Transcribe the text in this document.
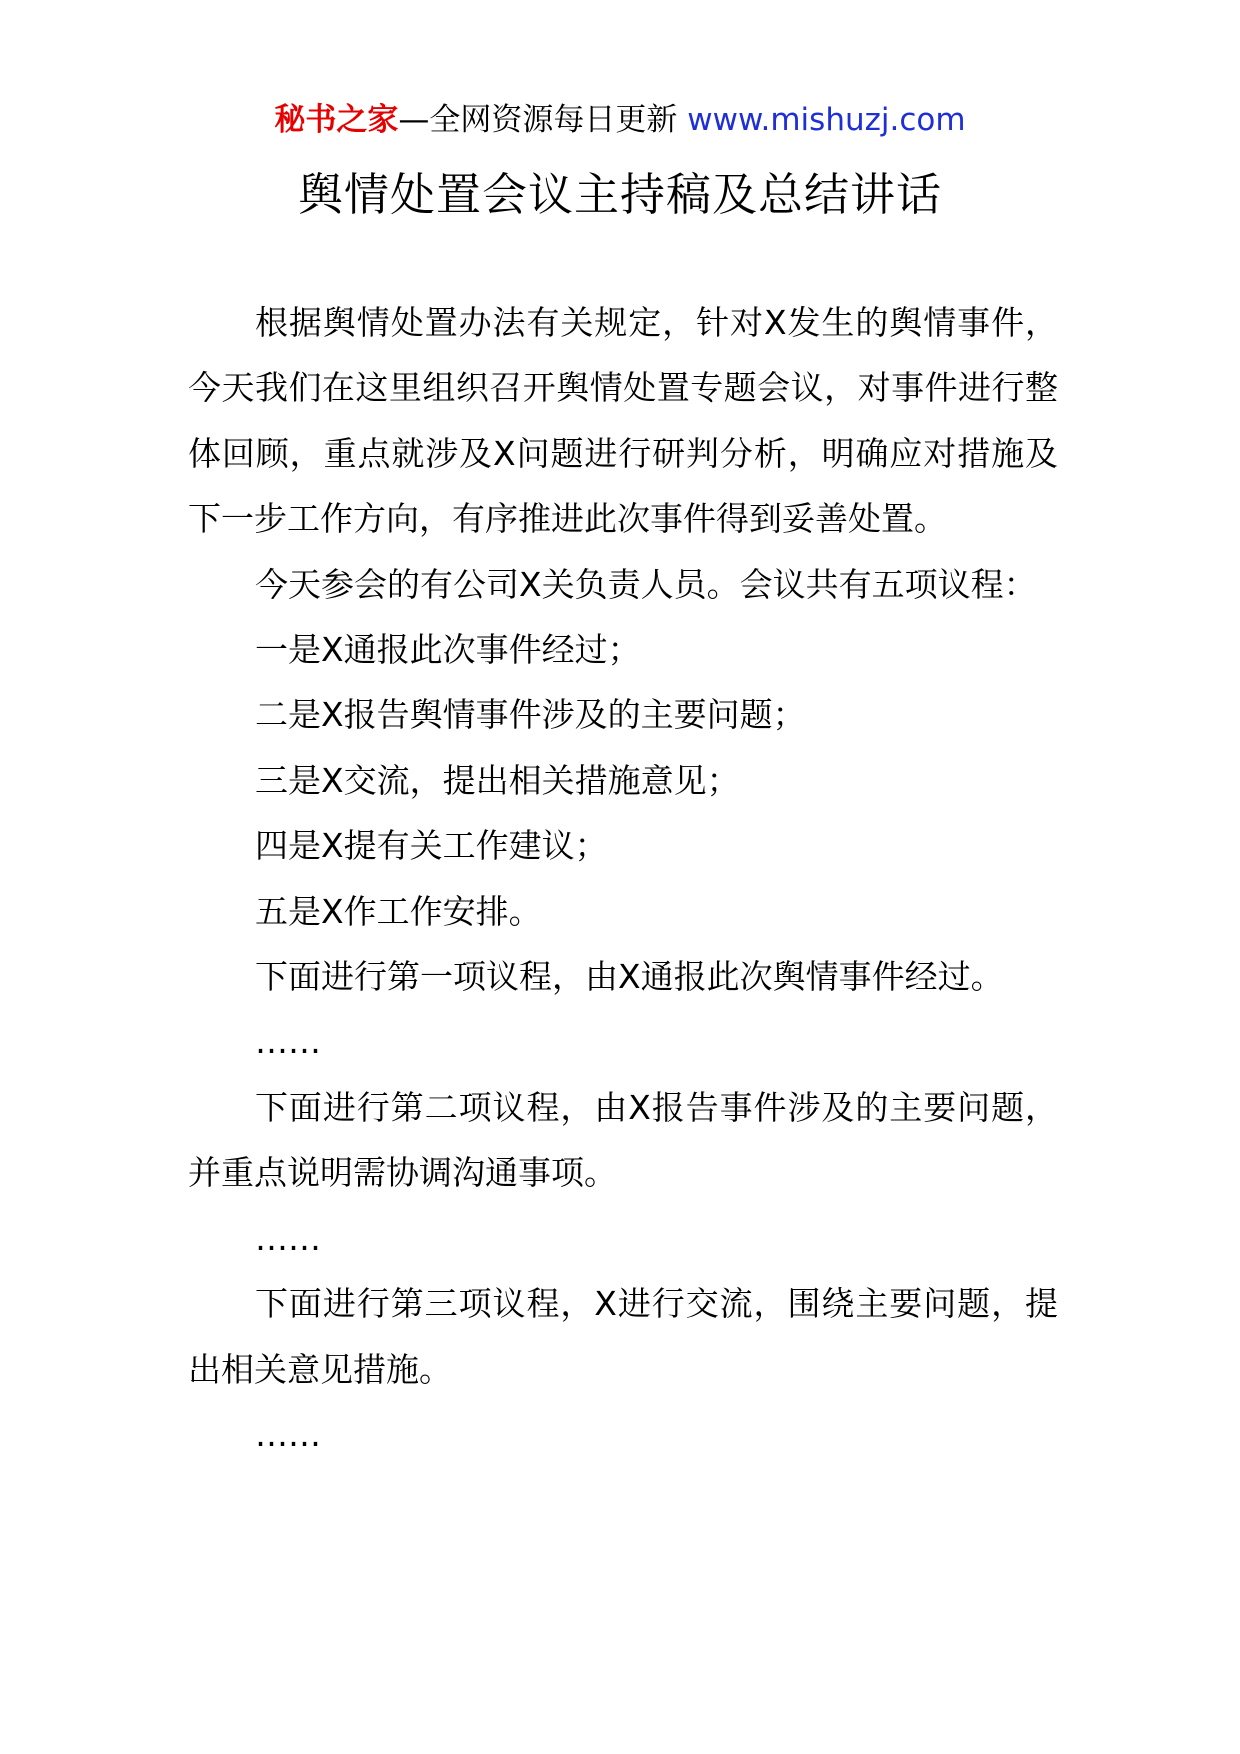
秘书之家—全网资源每日更新 www.mishuzj.com
舆情处置会议主持稿及总结讲话

根据舆情处置办法有关规定，针对X发生的舆情事件，今天我们在这里组织召开舆情处置专题会议，对事件进行整体回顾，重点就涉及X问题进行研判分析，明确应对措施及下一步工作方向，有序推进此次事件得到妥善处置。

今天参会的有公司X关负责人员。会议共有五项议程：

一是X通报此次事件经过；

二是X报告舆情事件涉及的主要问题；

三是X交流，提出相关措施意见；

四是X提有关工作建议；

五是X作工作安排。

下面进行第一项议程，由X通报此次舆情事件经过。

……

下面进行第二项议程，由X报告事件涉及的主要问题，并重点说明需协调沟通事项。

……

下面进行第三项议程，X进行交流，围绕主要问题，提出相关意见措施。

……
